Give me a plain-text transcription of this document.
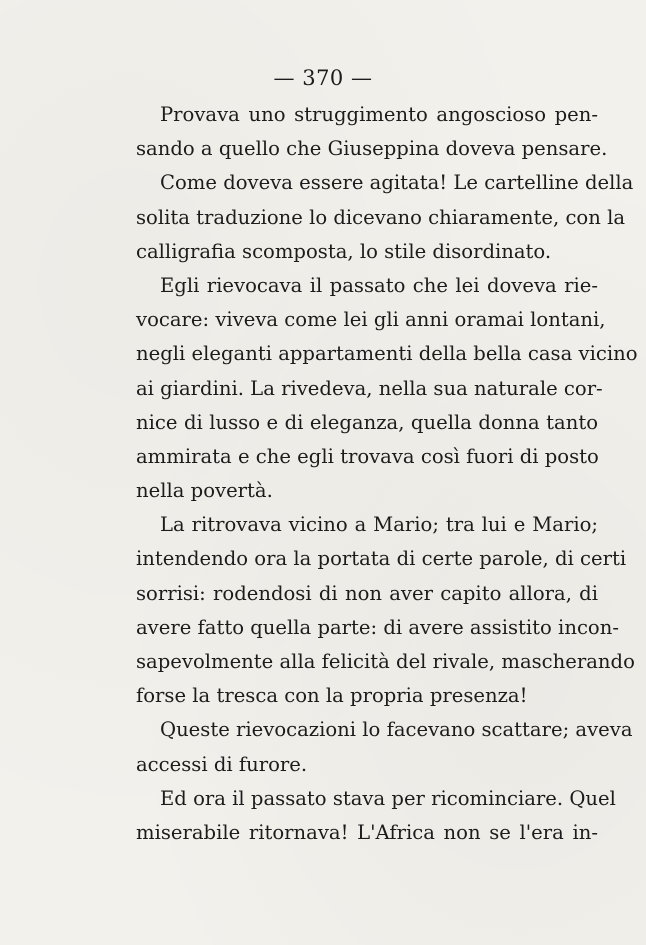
— 370 —
Provava uno struggimento angoscioso pen-
sando a quello che Giuseppina doveva pensare.
Come doveva essere agitata! Le cartelline della
solita traduzione lo dicevano chiaramente, con la
calligrafia scomposta, lo stile disordinato.
Egli rievocava il passato che lei doveva rie-
vocare: viveva come lei gli anni oramai lontani,
negli eleganti appartamenti della bella casa vicino
ai giardini. La rivedeva, nella sua naturale cor-
nice di lusso e di eleganza, quella donna tanto
ammirata e che egli trovava così fuori di posto
nella povertà.
La ritrovava vicino a Mario; tra lui e Mario;
intendendo ora la portata di certe parole, di certi
sorrisi: rodendosi di non aver capito allora, di
avere fatto quella parte: di avere assistito incon-
sapevolmente alla felicità del rivale, mascherando
forse la tresca con la propria presenza!
Queste rievocazioni lo facevano scattare; aveva
accessi di furore.
Ed ora il passato stava per ricominciare. Quel
miserabile ritornava! L'Africa non se l'era in-
